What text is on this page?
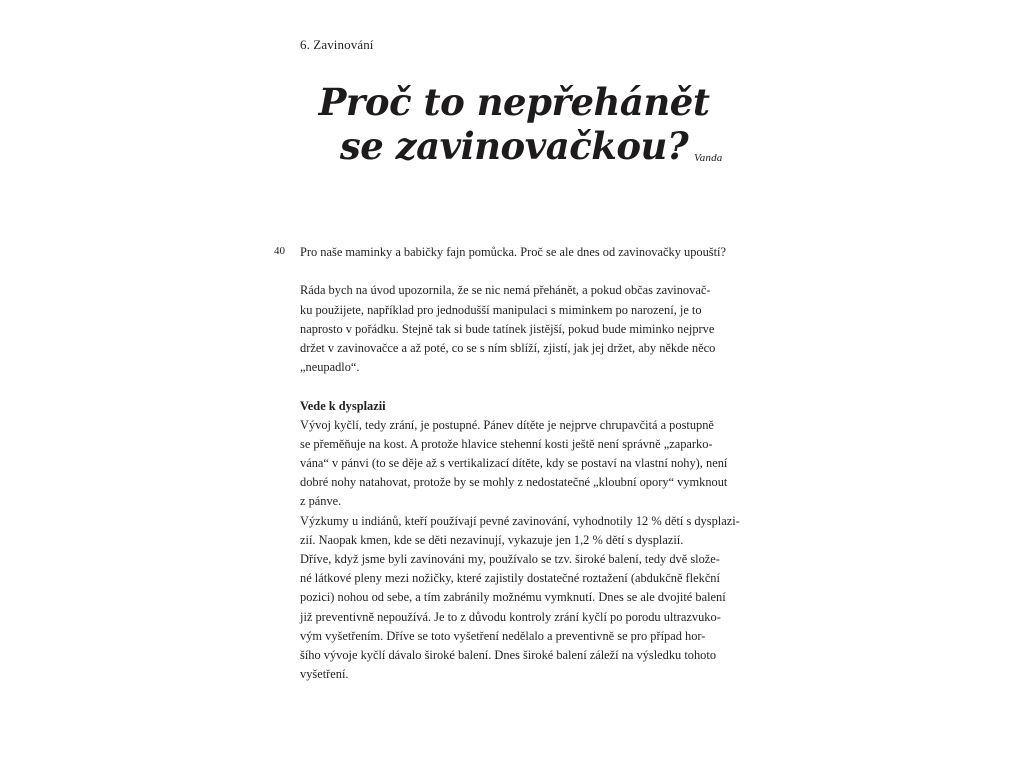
6. Zavinování
Proč to nepřehánět
se zavinovačkou? Vanda
40 Pro naše maminky a babičky fajn pomůcka. Proč se ale dnes od zavinovačky upouští?
Ráda bych na úvod upozornila, že se nic nemá přehánět, a pokud občas zavinovač-
ku použijete, například pro jednodušší manipulaci s miminkem po narození, je to
naprosto v pořádku. Stejně tak si bude tatínek jistější, pokud bude miminko nejprve
držet v zavinovačce a až poté, co se s ním sblíží, zjistí, jak jej držet, aby někde něco
„neupadlo“.
Vede k dysplazii
Vývoj kyčlí, tedy zrání, je postupné. Pánev dítěte je nejprve chrupavčitá a postupně
se přeměňuje na kost. A protože hlavice stehenní kosti ještě není správně „zaparko-
vána“ v pánvi (to se děje až s vertikalizací dítěte, kdy se postaví na vlastní nohy), není
dobré nohy natahovat, protože by se mohly z nedostatečné „kloubní opory“ vymknout
z pánve.
Výzkumy u indiánů, kteří používají pevné zavinování, vyhodnotily 12 % dětí s dysplazi-
zií. Naopak kmen, kde se děti nezavinují, vykazuje jen 1,2 % dětí s dysplazií.
Dříve, když jsme byli zavinováni my, používalo se tzv. široké balení, tedy dvě slože-
né látkové pleny mezi nožičky, které zajistily dostatečné roztažení (abdukčně flekční
pozici) nohou od sebe, a tím zabránily možnému vymknutí. Dnes se ale dvojité balení
již preventivně nepoužívá. Je to z důvodu kontroly zrání kyčlí po porodu ultrazvuko-
vým vyšetřením. Dříve se toto vyšetření nedělalo a preventivně se pro případ hor-
šího vývoje kyčlí dávalo široké balení. Dnes široké balení záleží na výsledku tohoto
vyšetření.
